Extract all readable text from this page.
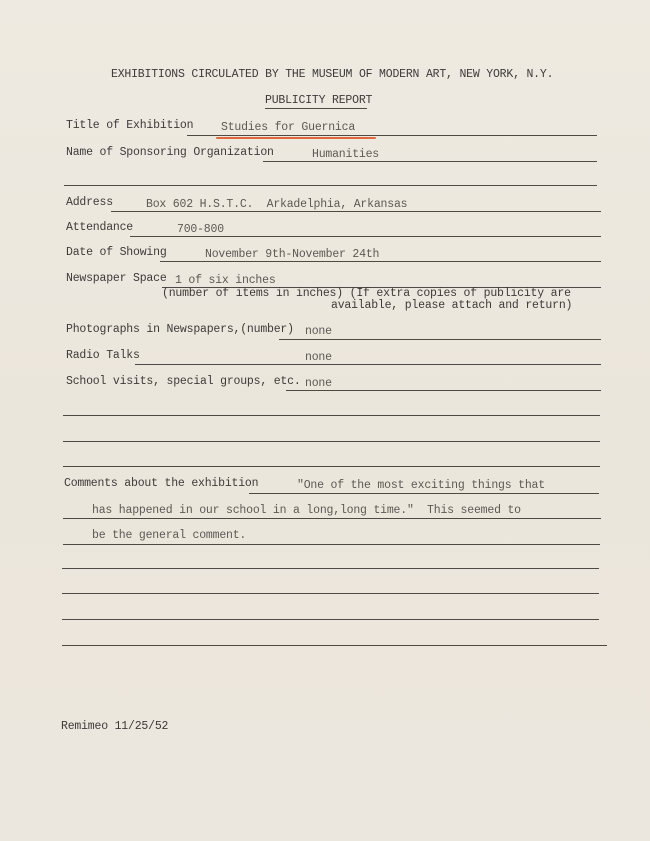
EXHIBITIONS CIRCULATED BY THE MUSEUM OF MODERN ART, NEW YORK, N.Y.
PUBLICITY REPORT
Title of Exhibition Studies for Guernica
Name of Sponsoring Organization	Humanities
Address	Box 602 H.S.T.C.  Arkadelphia, Arkansas
Attendance	700-800
Date of Showing	November 9th-November 24th
Newspaper Space 1 of six inches
(number of items in inches) (If extra copies of publicity are
available, please attach and return)
Photographs in Newspapers,(number) none
Radio Talks	none
School visits, special groups, etc. none
Comments about the exhibition	"One of the most exciting things that
has happened in our school in a long,long time."  This seemed to
be the general comment.
Remimeo 11/25/52
